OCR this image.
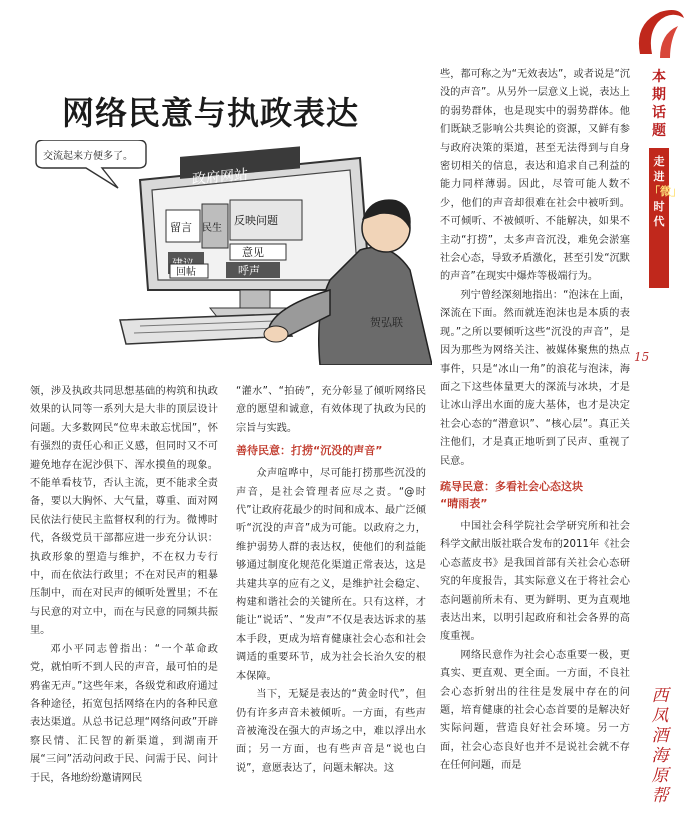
网络民意与执政表达
交流起来方便多了。
政府网站
留言 民生
反映问题
意见
回帖	呼声
贺弘联

些，都可称之为“无效表达”，或者说是“沉没的声音”。从另外一层意义上说，表达上的弱势群体，也是现实中的弱势群体。他们既缺乏影响公共舆论的资源，又鲜有参与政府决策的渠道，甚至无法得到与自身密切相关的信息，表达和追求自己利益的能力同样薄弱。因此，尽管可能人数不少，他们的声音却很难在社会中被听到。不可倾听、不被倾听、不能解决，如果不主动“打捞”，太多声音沉没，难免会淤塞社会心态，导致矛盾激化，甚至引发“沉默的声音”在现实中爆炸等极端行为。

列宁曾经深刻地指出：“泡沫在上面，深流在下面。然而就连泡沫也是本质的表现。”之所以要倾听这些“沉没的声音”，是因为那些为网络关注、被媒体聚焦的热点事件，只是“冰山一角”的浪花与泡沫，海面之下这些体量更大的深流与冰块，才是让冰山浮出水面的庞大基体，也才是决定社会心态的“潜意识”、“核心层”。真正关注他们，才是真正地听到了民声、重视了民意。

领，涉及执政共同思想基础的构筑和执政效果的认同等一系列大是大非的顶层设计问题。大多数网民“位卑未敢忘忧国”，怀有强烈的责任心和正义感，但同时又不可避免地存在泥沙俱下、浑水摸鱼的现象。不能单看枝节，否认主流，更不能求全责备，要以大胸怀、大气量，尊重、面对网民依法行使民主监督权利的行为。微博时代，各级党员干部都应进一步充分认识：执政形象的塑造与维护，不在权力专行中，而在依法行政里；不在对民声的粗暴压制中，而在对民声的倾听处置里；不在与民意的对立中，而在与民意的同频共振里。

邓小平同志曾指出：“一个革命政党，就怕听不到人民的声音，最可怕的是鸦雀无声。”这些年来，各级党和政府通过各种途径，拓宽包括网络在内的各种民意表达渠道。从总书记总理“网络问政”开辟察民情、汇民智的新渠道，到湖南开展“三问”活动问政于民、问需于民、问计于民，各地纷纷邀请网民

“灌水”、“拍砖”，充分彰显了倾听网络民意的愿望和诚意，有效体现了执政为民的宗旨与实践。

善待民意：打捞“沉没的声音”

众声喧哗中，尽可能打捞那些沉没的声音，是社会管理者应尽之责。“@时代”让政府花最少的时间和成本、最广泛倾听“沉没的声音”成为可能。以政府之力，维护弱势人群的表达权，使他们的利益能够通过制度化规范化渠道正常表达，这是共建共享的应有之义，是维护社会稳定、构建和谐社会的关键所在。只有这样，才能让“说话”、“发声”不仅是表达诉求的基本手段，更成为培育健康社会心态和社会调适的重要环节，成为社会长治久安的根本保障。

当下，无疑是表达的“黄金时代”，但仍有许多声音未被倾听。一方面，有些声音被淹没在强大的声场之中，难以浮出水面；另一方面，也有些声音是“说也白说”，意愿表达了，问题未解决。这

疏导民意：多看社会心态这块
“晴雨表”

中国社会科学院社会学研究所和社会科学文献出版社联合发布的2011年《社会心态蓝皮书》是我国首部有关社会心态研究的年度报告，其实际意义在于将社会心态问题前所未有、更为鲜明、更为直观地表达出来，以明引起政府和社会各界的高度重视。

网络民意作为社会心态重要一极，更真实、更直观、更全面。一方面，不良社会心态折射出的往往是发展中存在的问题，培育健康的社会心态首要的是解决好实际问题，营造良好社会环境。另一方面，社会心态良好也并不是说社会就不存在任何问题，而是

15
本期话题
走进
「微」
时代
西凤酒海原帮
